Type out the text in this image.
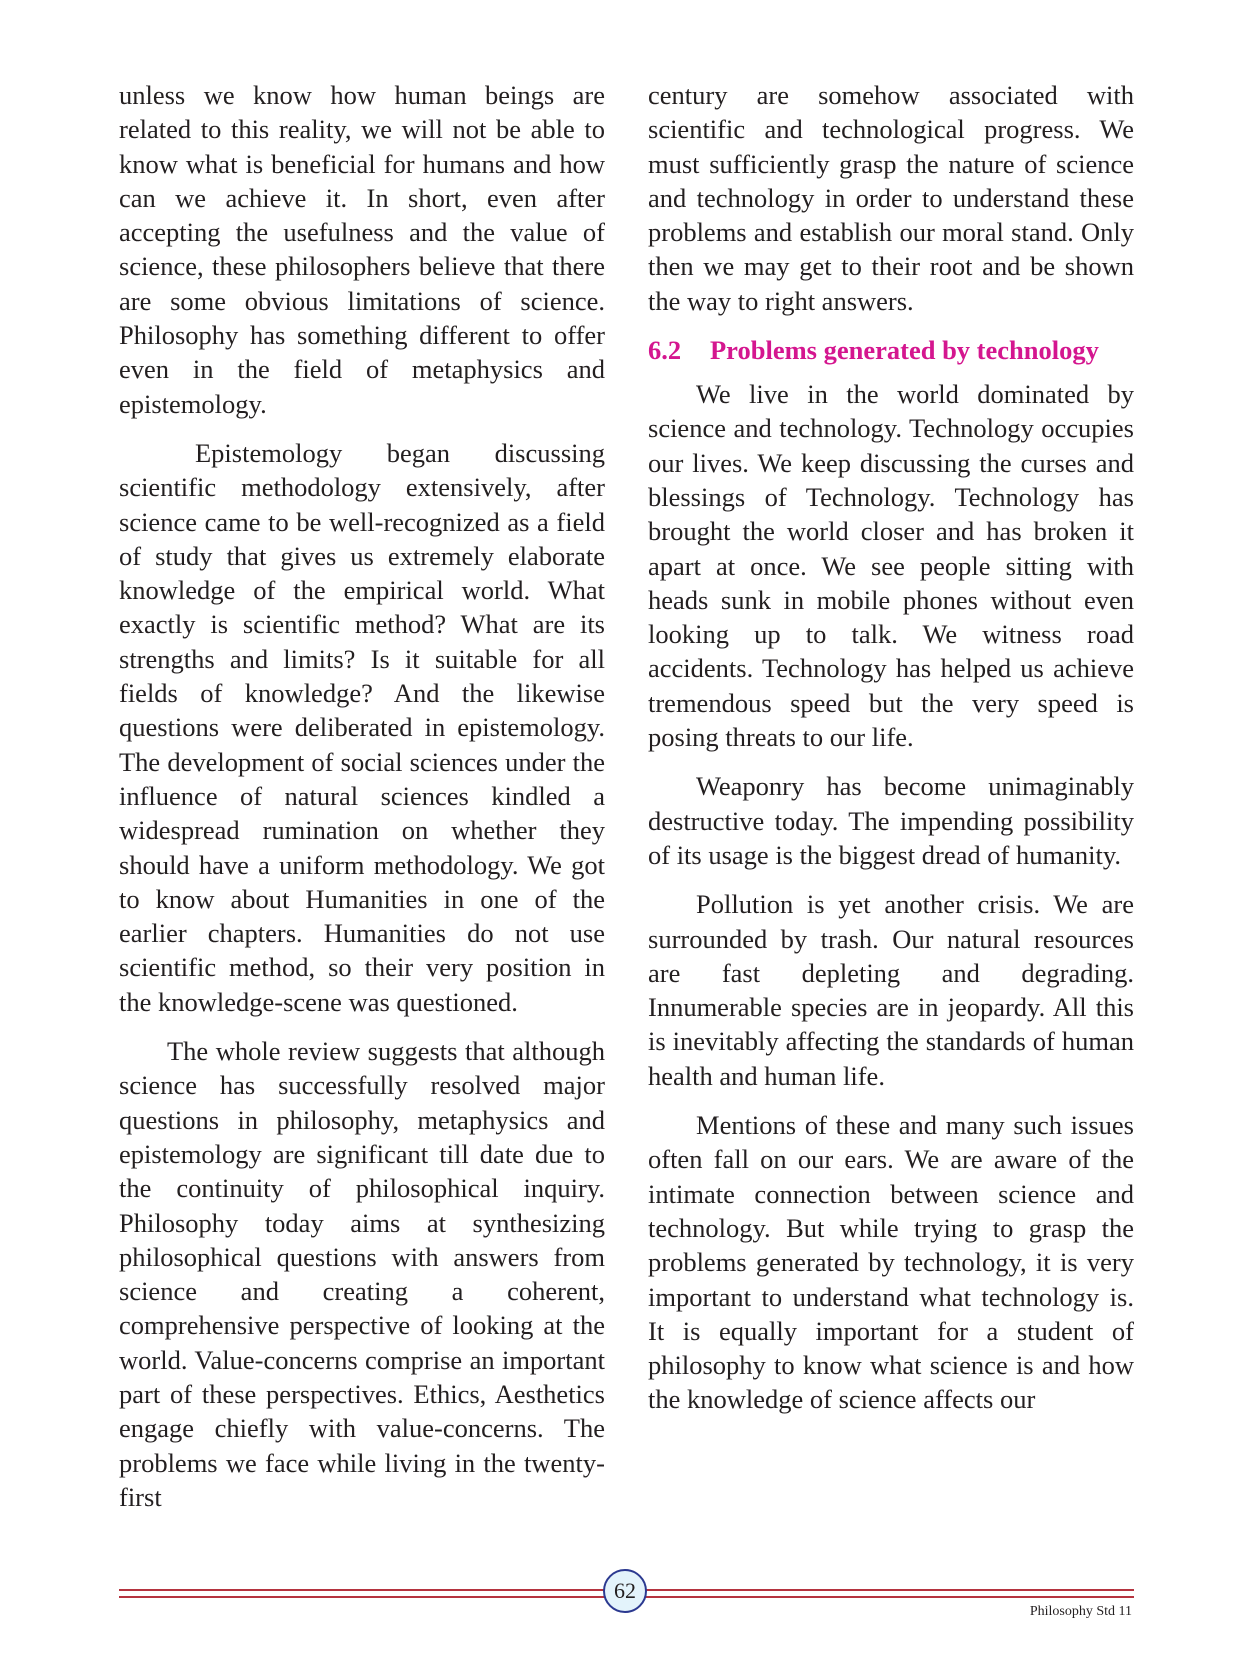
unless we know how human beings are related to this reality, we will not be able to know what is beneficial for humans and how can we achieve it. In short, even after accepting the usefulness and the value of science, these philosophers believe that there are some obvious limitations of science. Philosophy has something different to offer even in the field of metaphysics and epistemology.

Epistemology began discussing scientific methodology extensively, after science came to be well-recognized as a field of study that gives us extremely elaborate knowledge of the empirical world. What exactly is scientific method? What are its strengths and limits? Is it suitable for all fields of knowledge? And the likewise questions were deliberated in epistemology. The development of social sciences under the influence of natural sciences kindled a widespread rumination on whether they should have a uniform methodology. We got to know about Humanities in one of the earlier chapters. Humanities do not use scientific method, so their very position in the knowledge-scene was questioned.

The whole review suggests that although science has successfully resolved major questions in philosophy, metaphysics and epistemology are significant till date due to the continuity of philosophical inquiry. Philosophy today aims at synthesizing philosophical questions with answers from science and creating a coherent, comprehensive perspective of looking at the world. Value-concerns comprise an important part of these perspectives. Ethics, Aesthetics engage chiefly with value-concerns. The problems we face while living in the twenty-first

century are somehow associated with scientific and technological progress. We must sufficiently grasp the nature of science and technology in order to understand these problems and establish our moral stand. Only then we may get to their root and be shown the way to right answers.

6.2 Problems generated by technology

We live in the world dominated by science and technology. Technology occupies our lives. We keep discussing the curses and blessings of Technology. Technology has brought the world closer and has broken it apart at once. We see people sitting with heads sunk in mobile phones without even looking up to talk. We witness road accidents. Technology has helped us achieve tremendous speed but the very speed is posing threats to our life.

Weaponry has become unimaginably destructive today. The impending possibility of its usage is the biggest dread of humanity.

Pollution is yet another crisis. We are surrounded by trash. Our natural resources are fast depleting and degrading. Innumerable species are in jeopardy. All this is inevitably affecting the standards of human health and human life.

Mentions of these and many such issues often fall on our ears. We are aware of the intimate connection between science and technology. But while trying to grasp the problems generated by technology, it is very important to understand what technology is. It is equally important for a student of philosophy to know what science is and how the knowledge of science affects our

62
Philosophy Std 11
